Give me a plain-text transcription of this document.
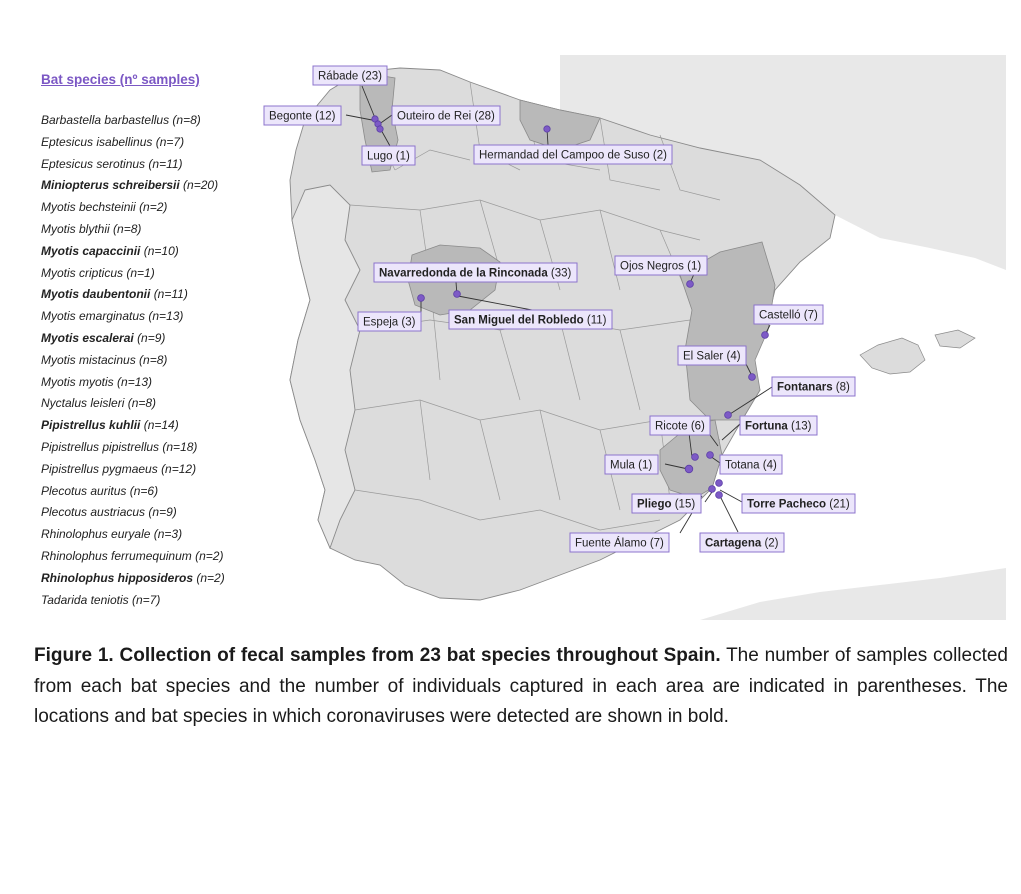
Bat species (nº samples)
Barbastella barbastellus (n=8)
Eptesicus isabellinus (n=7)
Eptesicus serotinus (n=11)
Miniopterus schreibersii (n=20)
Myotis bechsteinii (n=2)
Myotis blythii (n=8)
Myotis capaccinii (n=10)
Myotis cripticus (n=1)
Myotis daubentonii (n=11)
Myotis emarginatus (n=13)
Myotis escalerai (n=9)
Myotis mistacinus (n=8)
Myotis myotis (n=13)
Nyctalus leisleri (n=8)
Pipistrellus kuhlii (n=14)
Pipistrellus pipistrellus (n=18)
Pipistrellus pygmaeus (n=12)
Plecotus auritus (n=6)
Plecotus austriacus (n=9)
Rhinolophus euryale (n=3)
Rhinolophus ferrumequinum (n=2)
Rhinolophus hipposideros (n=2)
Tadarida teniotis (n=7)
Rábade (23)
Begonte (12)	Outeiro de Rei (28)
Lugo (1)	Hermandad del Campoo de Suso (2)
Navarredonda de la Rinconada (33)
Espeja (3)	San Miguel del Robledo (11)
Ojos Negros (1)
Castelló (7)
El Saler (4)
Fontanars (8)
Ricote (6)	Fortuna (13)
Mula (1)	Totana (4)
Pliego (15)	Torre Pacheco (21)
Fuente Álamo (7)	Cartagena (2)

Figure 1. Collection of fecal samples from 23 bat species throughout Spain. The number of samples collected from each bat species and the number of individuals captured in each area are indicated in parentheses. The locations and bat species in which coronaviruses were detected are shown in bold.
